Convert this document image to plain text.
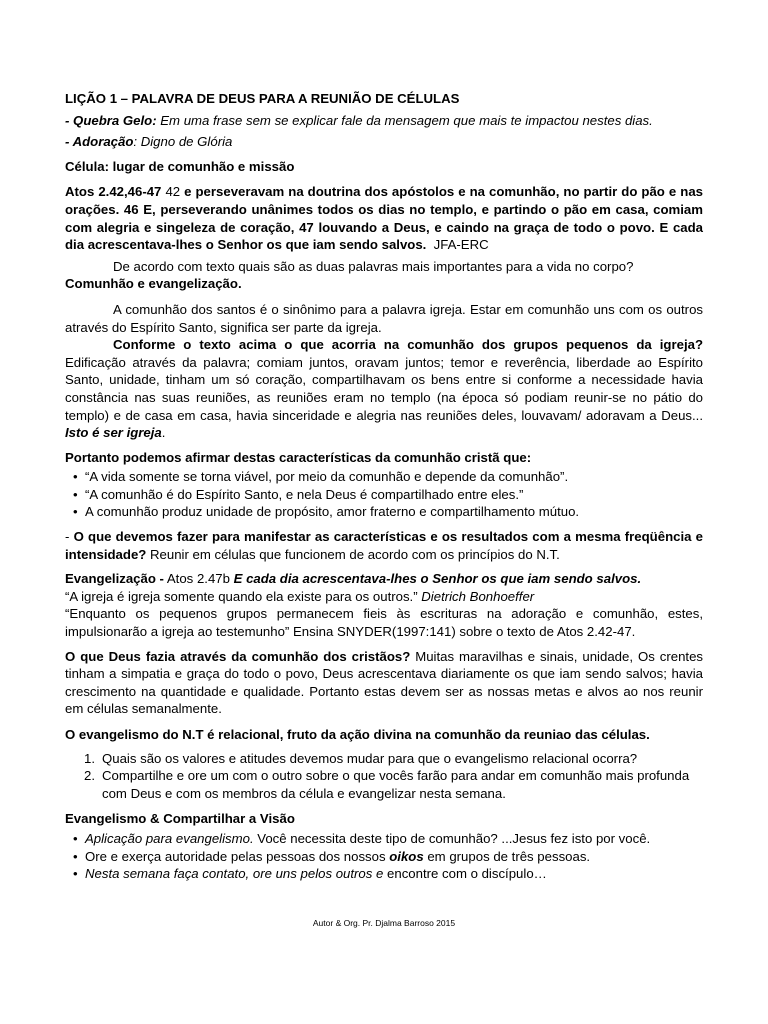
LIÇÃO 1 – PALAVRA DE DEUS PARA A REUNIÃO DE CÉLULAS

- Quebra Gelo: Em uma frase sem se explicar fale da mensagem que mais te impactou nestes dias.

- Adoração: Digno de Glória

Célula: lugar de comunhão e missão

Atos 2.42,46-47 42 e perseveravam na doutrina dos apóstolos e na comunhão, no partir do pão e nas orações. 46 E, perseverando unânimes todos os dias no templo, e partindo o pão em casa, comiam com alegria e singeleza de coração, 47 louvando a Deus, e caindo na graça de todo o povo. E cada dia acrescentava-lhes o Senhor os que iam sendo salvos. JFA-ERC

De acordo com texto quais são as duas palavras mais importantes para a vida no corpo?

Comunhão e evangelização.

A comunhão dos santos é o sinônimo para a palavra igreja. Estar em comunhão uns com os outros através do Espírito Santo, significa ser parte da igreja.

Conforme o texto acima o que acorria na comunhão dos grupos pequenos da igreja? Edificação através da palavra; comiam juntos, oravam juntos; temor e reverência, liberdade ao Espírito Santo, unidade, tinham um só coração, compartilhavam os bens entre si conforme a necessidade havia constância nas suas reuniões, as reuniões eram no templo (na época só podiam reunir-se no pátio do templo) e de casa em casa, havia sinceridade e alegria nas reuniões deles, louvavam/ adoravam a Deus... Isto é ser igreja.

Portanto podemos afirmar destas características da comunhão cristã que:

• “A vida somente se torna viável, por meio da comunhão e depende da comunhão”.
• “A comunhão é do Espírito Santo, e nela Deus é compartilhado entre eles.”
• A comunhão produz unidade de propósito, amor fraterno e compartilhamento mútuo.

- O que devemos fazer para manifestar as características e os resultados com a mesma freqüência e intensidade? Reunir em células que funcionem de acordo com os princípios do N.T.

Evangelização - Atos 2.47b E cada dia acrescentava-lhes o Senhor os que iam sendo salvos.

“A igreja é igreja somente quando ela existe para os outros.” Dietrich Bonhoeffer

“Enquanto os pequenos grupos permanecem fieis às escrituras na adoração e comunhão, estes, impulsionarão a igreja ao testemunho” Ensina SNYDER(1997:141) sobre o texto de Atos 2.42-47.

O que Deus fazia através da comunhão dos cristãos? Muitas maravilhas e sinais, unidade, Os crentes tinham a simpatia e graça do todo o povo, Deus acrescentava diariamente os que iam sendo salvos; havia crescimento na quantidade e qualidade. Portanto estas devem ser as nossas metas e alvos ao nos reunir em células semanalmente.

O evangelismo do N.T é relacional, fruto da ação divina na comunhão da reuniao das células.

1. Quais são os valores e atitudes devemos mudar para que o evangelismo relacional ocorra?
2. Compartilhe e ore um com o outro sobre o que vocês farão para andar em comunhão mais profunda com Deus e com os membros da célula e evangelizar nesta semana.

Evangelismo & Compartilhar a Visão

• Aplicação para evangelismo. Você necessita deste tipo de comunhão? ...Jesus fez isto por você.
• Ore e exerça autoridade pelas pessoas dos nossos oikos em grupos de três pessoas.
• Nesta semana faça contato, ore uns pelos outros e encontre com o discípulo…
Autor & Org. Pr. Djalma Barroso 2015
